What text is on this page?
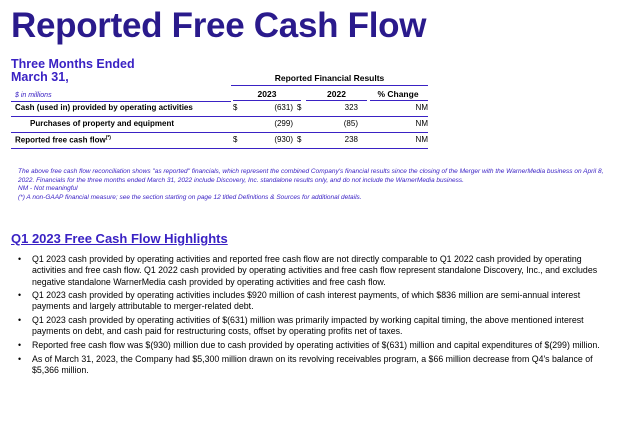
Reported Free Cash Flow
Three Months Ended
March 31,
$ in millions
Reported Financial Results
2023	2022	% Change
Cash (used in) provided by operating activities	$	(631) $	323	NM
Purchases of property and equipment	(299)	(85)	NM
Reported free cash flow(*)	$	(930) $	238	NM
The above free cash flow reconciliation shows "as reported" financials, which represent the combined Company's financial results since the closing of the Merger with the WarnerMedia business on April 8, 2022. Financials for the three months ended March 31, 2022 include Discovery, Inc. standalone results only, and do not include the WarnerMedia business.
NM - Not meaningful
(*) A non-GAAP financial measure; see the section starting on page 12 titled Definitions & Sources for additional details.
Q1 2023 Free Cash Flow Highlights
• Q1 2023 cash provided by operating activities and reported free cash flow are not directly comparable to Q1 2022 cash provided by operating activities and free cash flow. Q1 2022 cash provided by operating activities and free cash flow represent standalone Discovery, Inc., and excludes negative standalone WarnerMedia cash provided by operating activities and free cash flow.
• Q1 2023 cash provided by operating activities includes $920 million of cash interest payments, of which $836 million are semi-annual interest payments and largely attributable to merger-related debt.
• Q1 2023 cash provided by operating activities of $(631) million was primarily impacted by working capital timing, the above mentioned interest payments on debt, and cash paid for restructuring costs, offset by operating profits net of taxes.
• Reported free cash flow was $(930) million due to cash provided by operating activities of $(631) million and capital expenditures of $(299) million.
• As of March 31, 2023, the Company had $5,300 million drawn on its revolving receivables program, a $66 million decrease from Q4's balance of $5,366 million.
